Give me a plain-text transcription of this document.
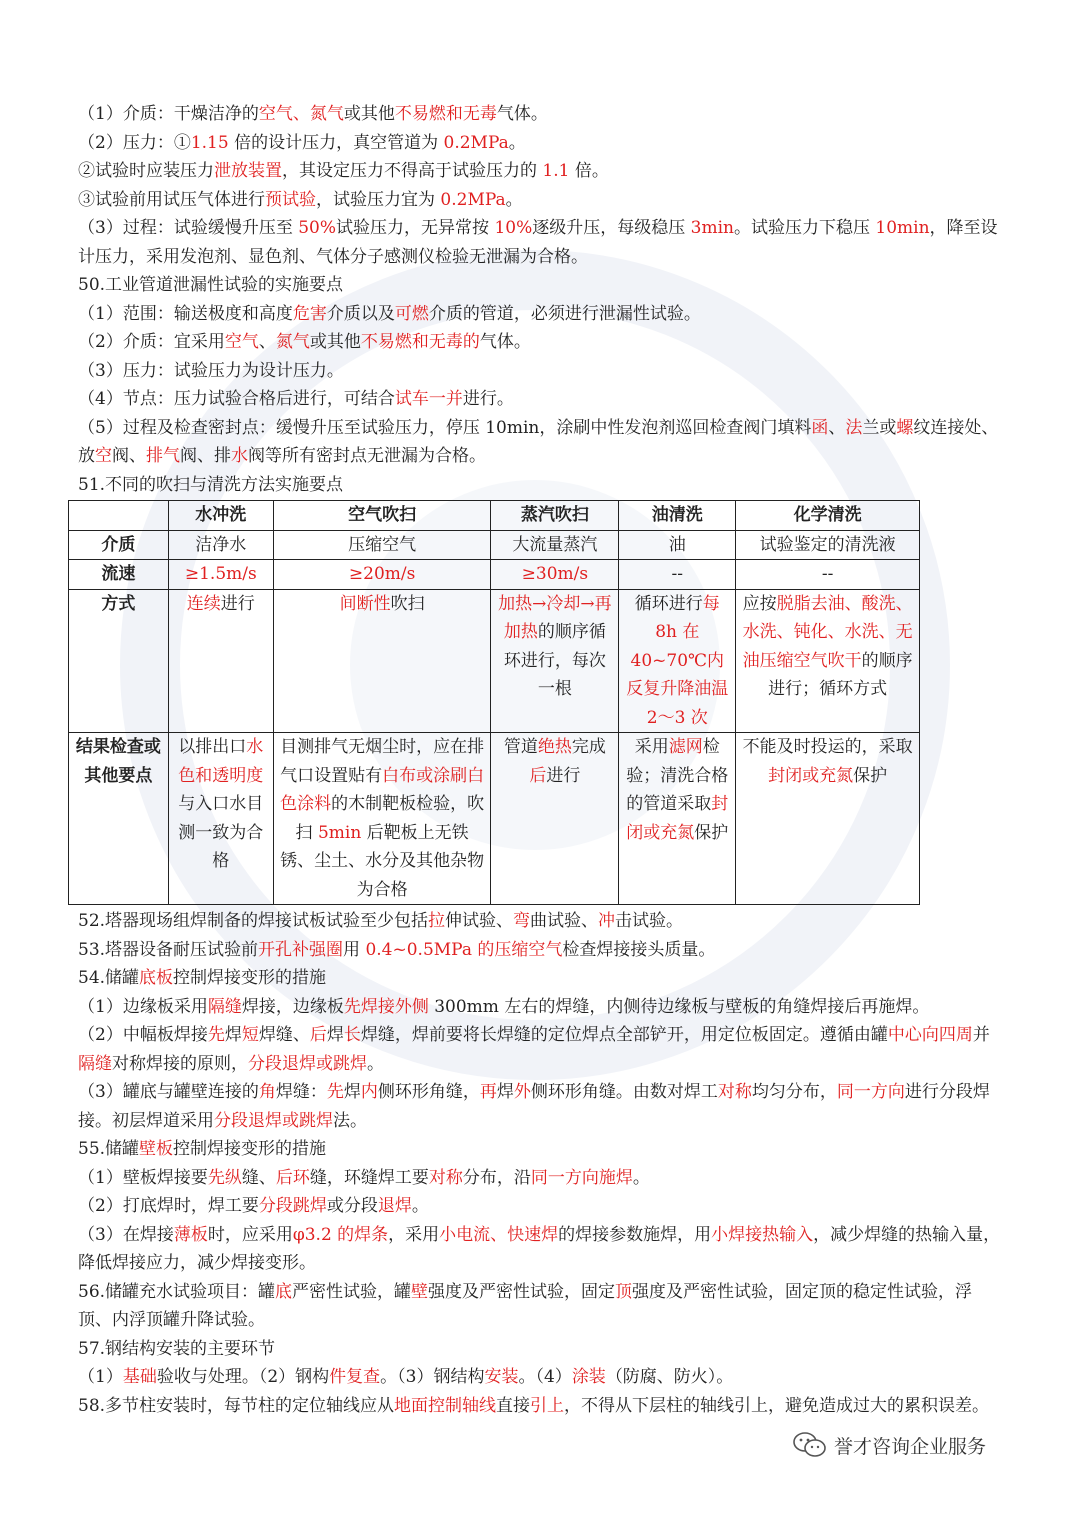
（1）介质：干燥洁净的空气、氮气或其他不易燃和无毒气体。

（2）压力：①1.15 倍的设计压力，真空管道为 0.2MPa。

②试验时应装压力泄放装置，其设定压力不得高于试验压力的 1.1 倍。

③试验前用试压气体进行预试验，试验压力宜为 0.2MPa。

（3）过程：试验缓慢升压至 50%试验压力，无异常按 10%逐级升压，每级稳压 3min。试验压力下稳压 10min，降至设计压力，采用发泡剂、显色剂、气体分子感测仪检验无泄漏为合格。

50.工业管道泄漏性试验的实施要点

（1）范围：输送极度和高度危害介质以及可燃介质的管道，必须进行泄漏性试验。

（2）介质：宜采用空气、氮气或其他不易燃和无毒的气体。

（3）压力：试验压力为设计压力。

（4）节点：压力试验合格后进行，可结合试车一并进行。

（5）过程及检查密封点：缓慢升压至试验压力，停压 10min，涂刷中性发泡剂巡回检查阀门填料函、法兰或螺纹连接处、放空阀、排气阀、排水阀等所有密封点无泄漏为合格。

51.不同的吹扫与清洗方法实施要点

	水冲洗	空气吹扫	蒸汽吹扫	油清洗	化学清洗
介质	洁净水	压缩空气	大流量蒸汽	油	试验鉴定的清洗液
流速	≥1.5m/s	≥20m/s	≥30m/s	--	--
方式	连续进行	间断性吹扫	加热→冷却→再加热的顺序循环进行，每次一根	循环进行每 8h 在40~70℃内反复升降油温 2～3 次	应按脱脂去油、酸洗、水洗、钝化、水洗、无油压缩空气吹干的顺序进行；循环方式
结果检查或其他要点	以排出口水色和透明度与入口水目测一致为合格	目测排气无烟尘时，应在排气口设置贴有白布或涂刷白色涂料的木制靶板检验，吹扫 5min 后靶板上无铁锈、尘土、水分及其他杂物为合格	管道绝热完成后进行	采用滤网检验；清洗合格的管道采取封闭或充氮保护	不能及时投运的，采取封闭或充氮保护

52.塔器现场组焊制备的焊接试板试验至少包括拉伸试验、弯曲试验、冲击试验。

53.塔器设备耐压试验前开孔补强圈用 0.4~0.5MPa 的压缩空气检查焊接接头质量。

54.储罐底板控制焊接变形的措施

（1）边缘板采用隔缝焊接，边缘板先焊接外侧 300mm 左右的焊缝，内侧待边缘板与壁板的角缝焊接后再施焊。

（2）中幅板焊接先焊短焊缝、后焊长焊缝，焊前要将长焊缝的定位焊点全部铲开，用定位板固定。遵循由罐中心向四周并隔缝对称焊接的原则，分段退焊或跳焊。

（3）罐底与罐壁连接的角焊缝：先焊内侧环形角缝，再焊外侧环形角缝。由数对焊工对称均匀分布，同一方向进行分段焊接。初层焊道采用分段退焊或跳焊法。

55.储罐壁板控制焊接变形的措施

（1）壁板焊接要先纵缝、后环缝，环缝焊工要对称分布，沿同一方向施焊。

（2）打底焊时，焊工要分段跳焊或分段退焊。

（3）在焊接薄板时，应采用φ3.2 的焊条，采用小电流、快速焊的焊接参数施焊，用小焊接热输入，减少焊缝的热输入量，降低焊接应力，减少焊接变形。

56.储罐充水试验项目：罐底严密性试验，罐壁强度及严密性试验，固定顶强度及严密性试验，固定顶的稳定性试验，浮顶、内浮顶罐升降试验。

57.钢结构安装的主要环节

（1）基础验收与处理。（2）钢构件复查。（3）钢结构安装。（4）涂装（防腐、防火）。

58.多节柱安装时，每节柱的定位轴线应从地面控制轴线直接引上，不得从下层柱的轴线引上，避免造成过大的累积误差。

誉才咨询企业服务
